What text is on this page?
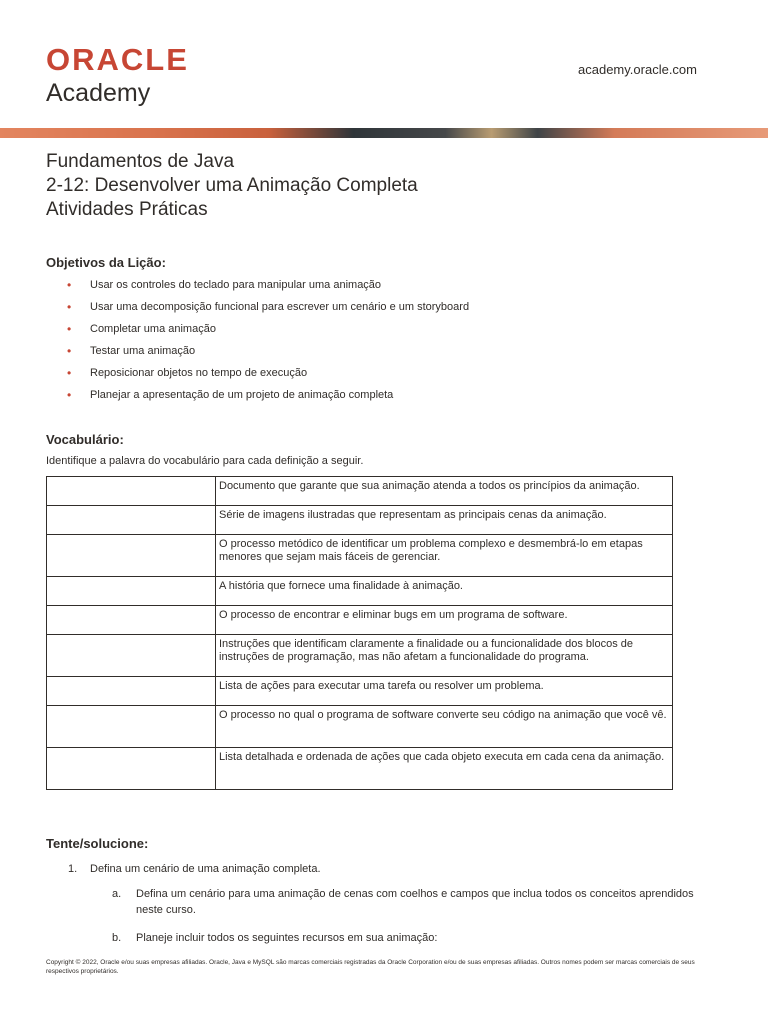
ORACLE
Academy
academy.oracle.com
Fundamentos de Java
2-12: Desenvolver uma Animação Completa
Atividades Práticas
Objetivos da Lição:
• Usar os controles do teclado para manipular uma animação
• Usar uma decomposição funcional para escrever um cenário e um storyboard
• Completar uma animação
• Testar uma animação
• Reposicionar objetos no tempo de execução
• Planejar a apresentação de um projeto de animação completa
Vocabulário:

Identifique a palavra do vocabulário para cada definição a seguir.

	Documento que garante que sua animação atenda a todos os princípios da animação.
	Série de imagens ilustradas que representam as principais cenas da animação.
	O processo metódico de identificar um problema complexo e desmembrá-lo em etapas menores que sejam mais fáceis de gerenciar.
	A história que fornece uma finalidade à animação.
	O processo de encontrar e eliminar bugs em um programa de software.
	Instruções que identificam claramente a finalidade ou a funcionalidade dos blocos de instruções de programação, mas não afetam a funcionalidade do programa.
	Lista de ações para executar uma tarefa ou resolver um problema.
	O processo no qual o programa de software converte seu código na animação que você vê.
	Lista detalhada e ordenada de ações que cada objeto executa em cada cena da animação.
Tente/solucione:
1. Defina um cenário de uma animação completa.
a. Defina um cenário para uma animação de cenas com coelhos e campos que inclua todos os conceitos aprendidos neste curso.
b. Planeje incluir todos os seguintes recursos em sua animação:

Copyright © 2022, Oracle e/ou suas empresas afiliadas. Oracle, Java e MySQL são marcas comerciais registradas da Oracle Corporation e/ou de suas empresas afiliadas. Outros nomes podem ser marcas comerciais de seus respectivos proprietários.
